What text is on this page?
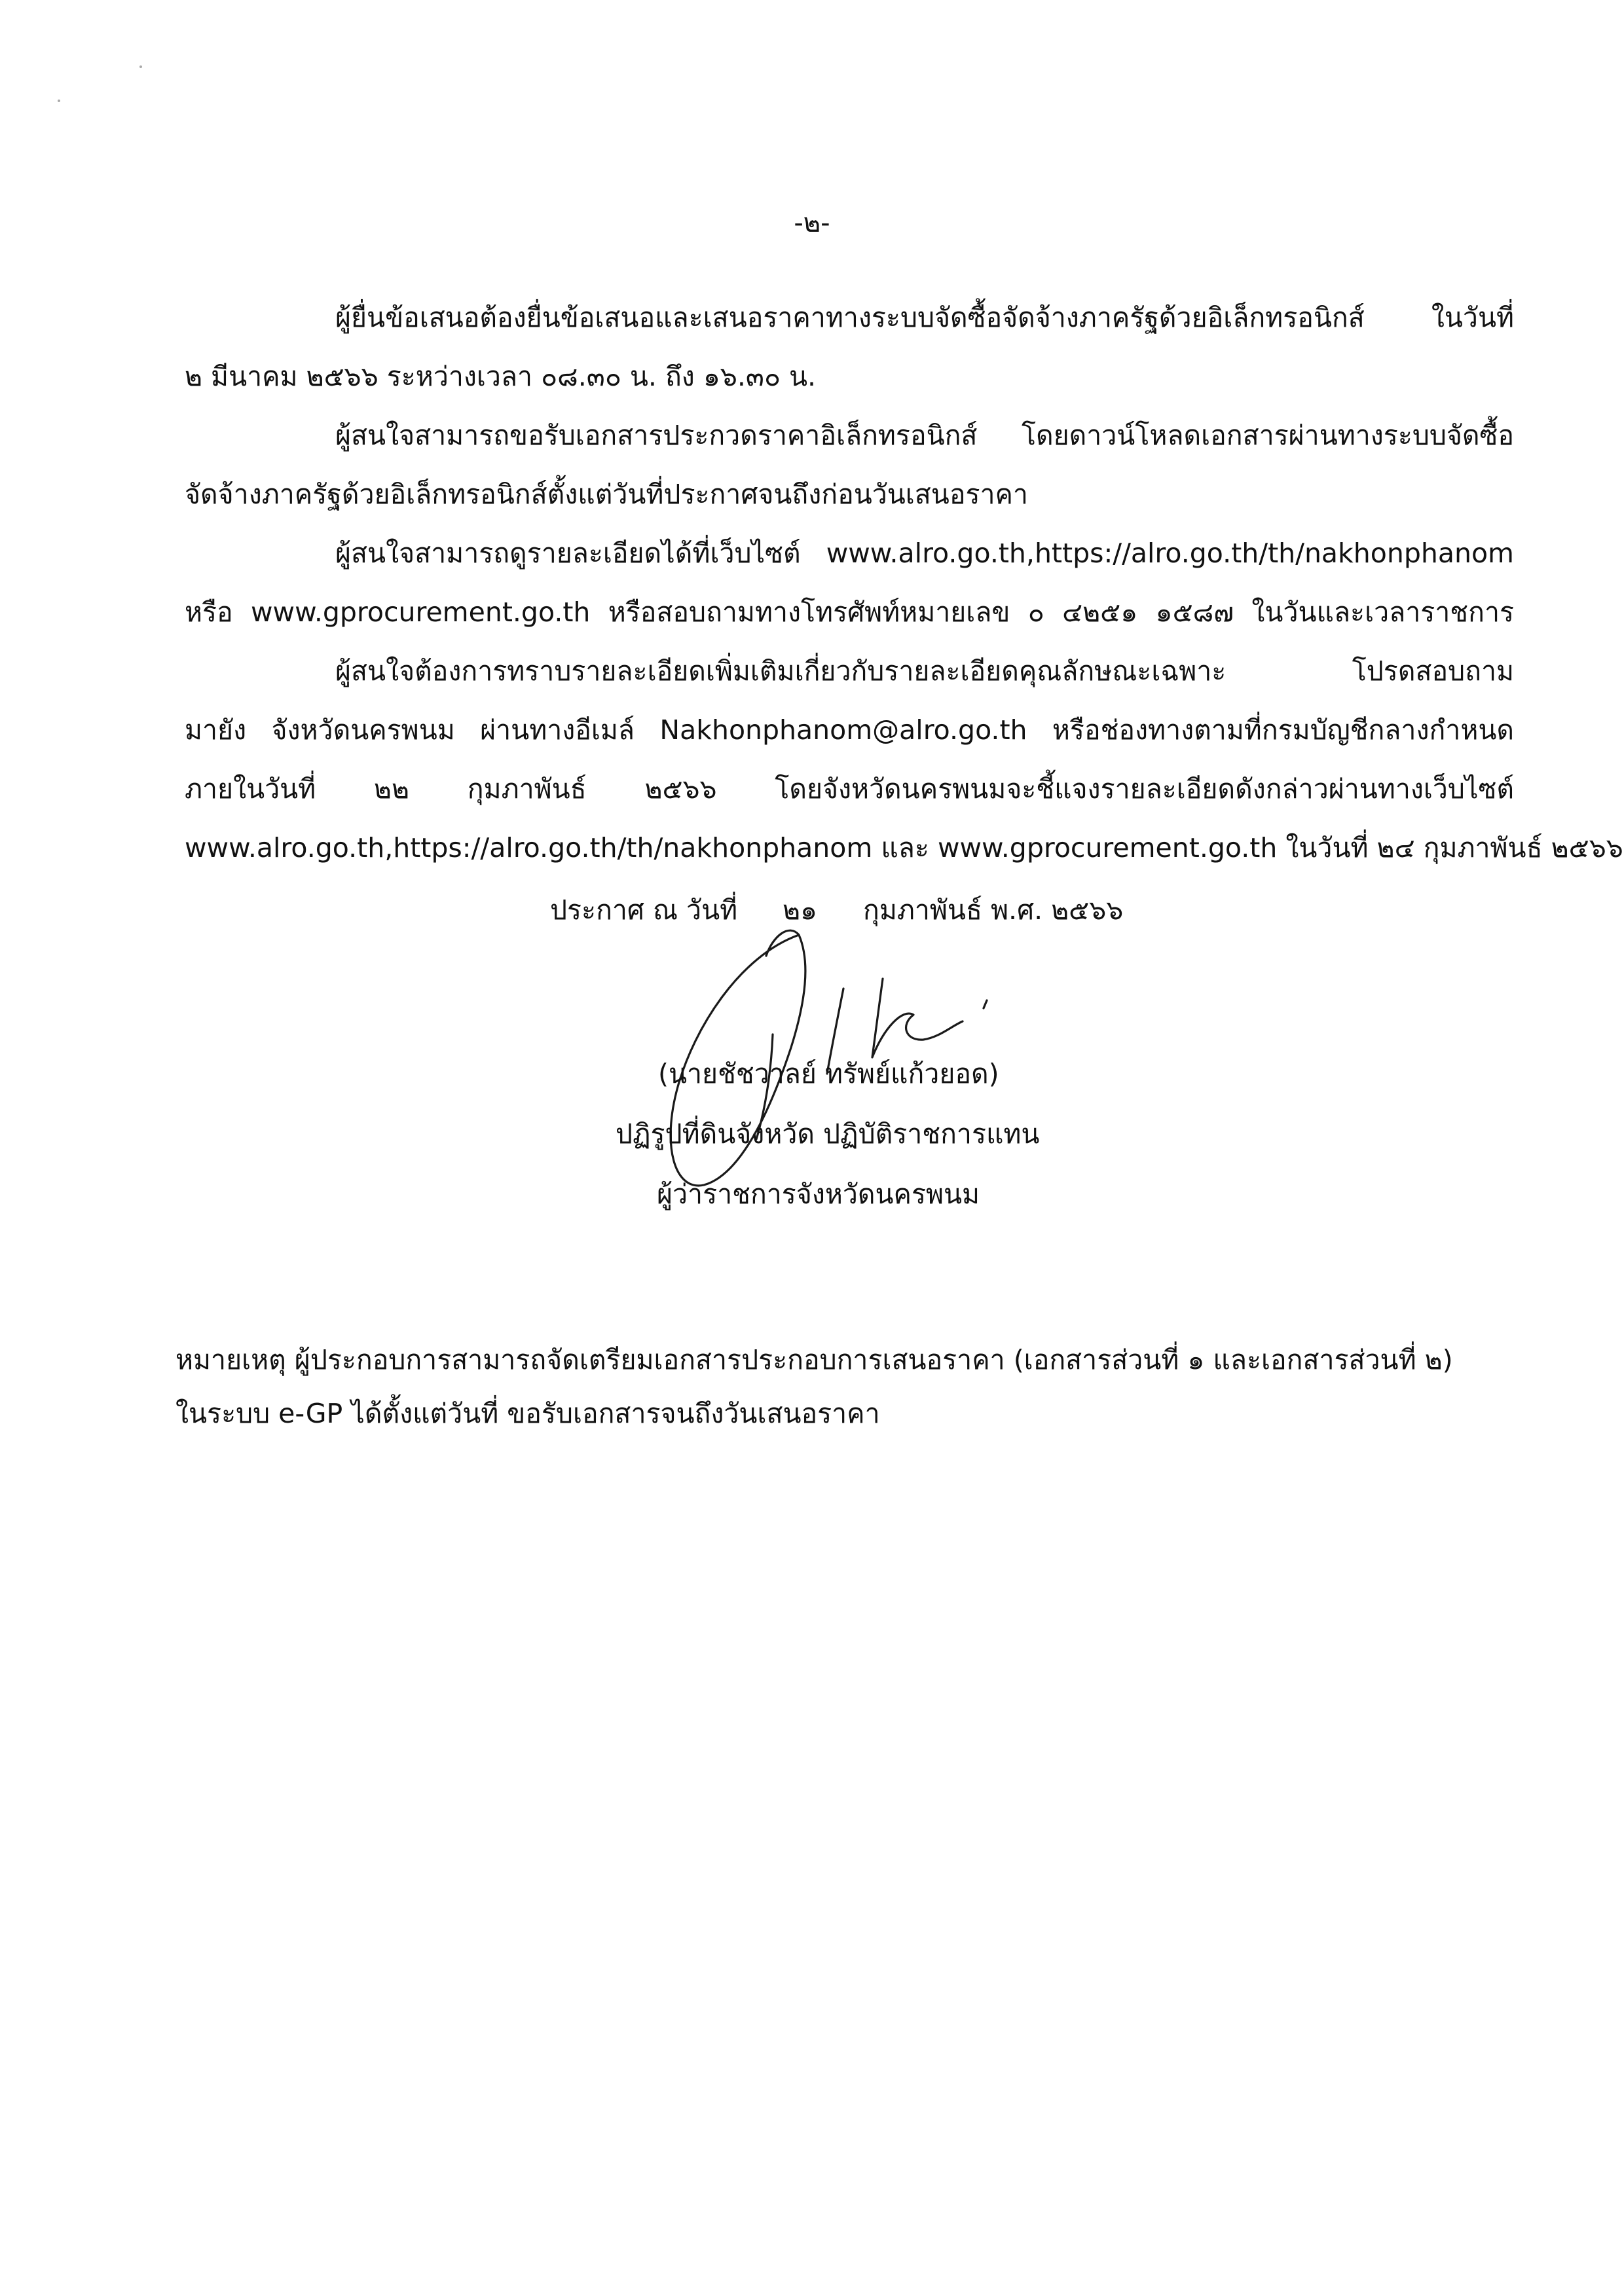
-๒-
ผู้ยื่นข้อเสนอต้องยื่นข้อเสนอและเสนอราคาทางระบบจัดซื้อจัดจ้างภาครัฐด้วยอิเล็กทรอนิกส์ ในวันที่
๒ มีนาคม ๒๕๖๖ ระหว่างเวลา ๐๘.๓๐ น. ถึง ๑๖.๓๐ น.
ผู้สนใจสามารถขอรับเอกสารประกวดราคาอิเล็กทรอนิกส์ โดยดาวน์โหลดเอกสารผ่านทางระบบจัดซื้อ
จัดจ้างภาครัฐด้วยอิเล็กทรอนิกส์ตั้งแต่วันที่ประกาศจนถึงก่อนวันเสนอราคา
ผู้สนใจสามารถดูรายละเอียดได้ที่เว็บไซต์ www.alro.go.th,https://alro.go.th/th/nakhonphanom
หรือ www.gprocurement.go.th หรือสอบถามทางโทรศัพท์หมายเลข ๐ ๔๒๕๑ ๑๕๘๗ ในวันและเวลาราชการ
ผู้สนใจต้องการทราบรายละเอียดเพิ่มเติมเกี่ยวกับรายละเอียดคุณลักษณะเฉพาะ โปรดสอบถาม
มายัง จังหวัดนครพนม ผ่านทางอีเมล์ Nakhonphanom@alro.go.th หรือช่องทางตามที่กรมบัญชีกลางกำหนด
ภายในวันที่ ๒๒ กุมภาพันธ์ ๒๕๖๖ โดยจังหวัดนครพนมจะชี้แจงรายละเอียดดังกล่าวผ่านทางเว็บไซต์
www.alro.go.th,https://alro.go.th/th/nakhonphanom และ www.gprocurement.go.th ในวันที่ ๒๔ กุมภาพันธ์ ๒๕๖๖
ประกาศ ณ วันที่ ๒๑ กุมภาพันธ์ พ.ศ. ๒๕๖๖
(นายชัชวาลย์ ทรัพย์แก้วยอด)
ปฏิรูปที่ดินจังหวัด ปฏิบัติราชการแทน
ผู้ว่าราชการจังหวัดนครพนม
หมายเหตุ ผู้ประกอบการสามารถจัดเตรียมเอกสารประกอบการเสนอราคา (เอกสารส่วนที่ ๑ และเอกสารส่วนที่ ๒)
ในระบบ e-GP ได้ตั้งแต่วันที่ ขอรับเอกสารจนถึงวันเสนอราคา
